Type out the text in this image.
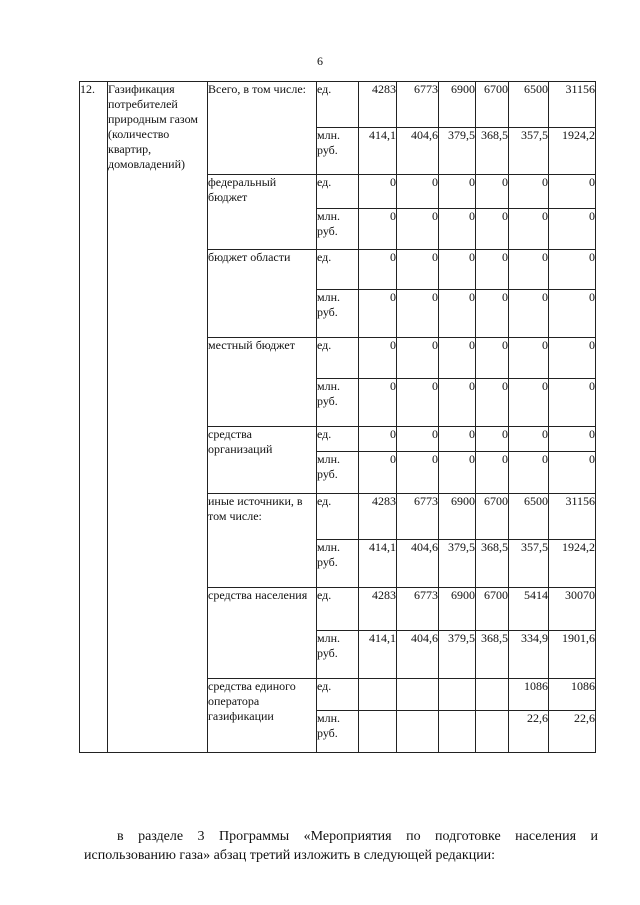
6
12.	Газификация потребителей природным газом (количество квартир, домовладений)	Всего, в том числе:	ед.	4283	6773	6900	6700	6500	31156
			млн. руб.	414,1	404,6	379,5	368,5	357,5	1924,2
		федеральный бюджет	ед.	0	0	0	0	0	0
			млн. руб.	0	0	0	0	0	0
		бюджет области	ед.	0	0	0	0	0	0
			млн. руб.	0	0	0	0	0	0
		местный бюджет	ед.	0	0	0	0	0	0
			млн. руб.	0	0	0	0	0	0
		средства организаций	ед.	0	0	0	0	0	0
			млн. руб.	0	0	0	0	0	0
		иные источники, в том числе:	ед.	4283	6773	6900	6700	6500	31156
			млн. руб.	414,1	404,6	379,5	368,5	357,5	1924,2
		средства населения	ед.	4283	6773	6900	6700	5414	30070
			млн. руб.	414,1	404,6	379,5	368,5	334,9	1901,6
		средства единого оператора газификации	ед.					1086	1086
			млн. руб.					22,6	22,6

в разделе 3 Программы «Мероприятия по подготовке населения и использованию газа» абзац третий изложить в следующей редакции:
